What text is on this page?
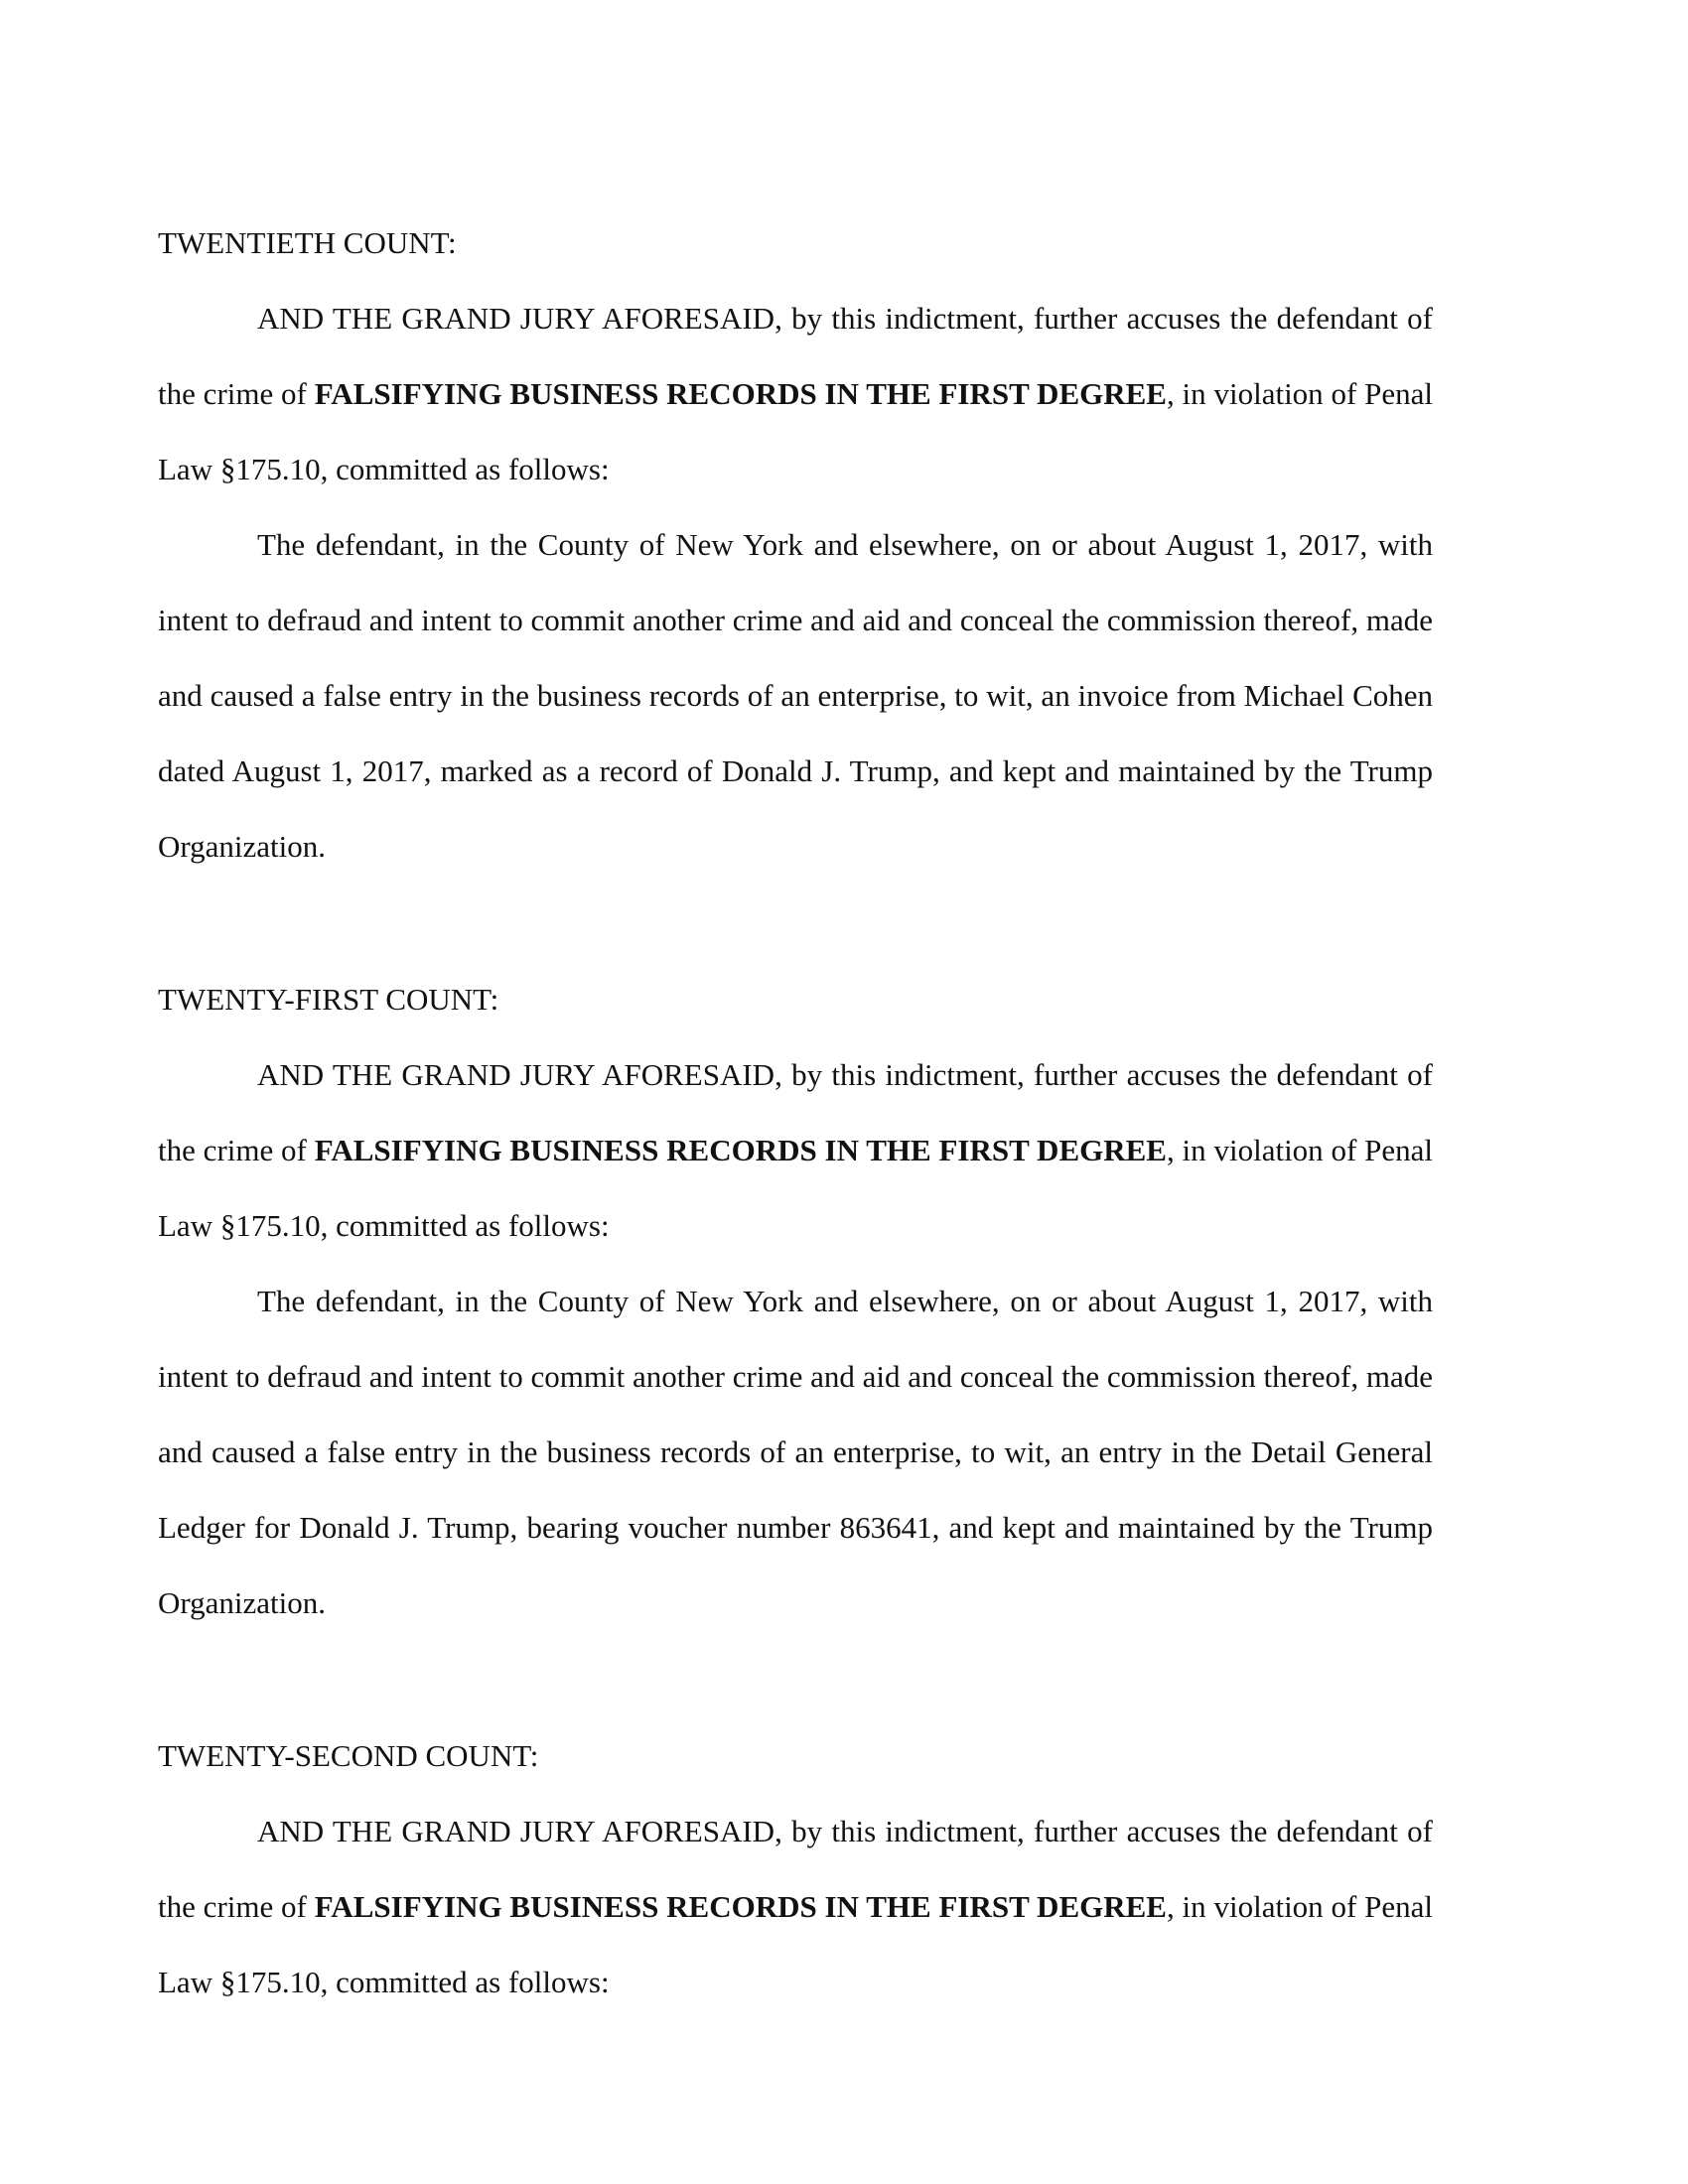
TWENTIETH COUNT:

AND THE GRAND JURY AFORESAID, by this indictment, further accuses the defendant of the crime of FALSIFYING BUSINESS RECORDS IN THE FIRST DEGREE, in violation of Penal Law §175.10, committed as follows:

The defendant, in the County of New York and elsewhere, on or about August 1, 2017, with intent to defraud and intent to commit another crime and aid and conceal the commission thereof, made and caused a false entry in the business records of an enterprise, to wit, an invoice from Michael Cohen dated August 1, 2017, marked as a record of Donald J. Trump, and kept and maintained by the Trump Organization.

TWENTY-FIRST COUNT:

AND THE GRAND JURY AFORESAID, by this indictment, further accuses the defendant of the crime of FALSIFYING BUSINESS RECORDS IN THE FIRST DEGREE, in violation of Penal Law §175.10, committed as follows:

The defendant, in the County of New York and elsewhere, on or about August 1, 2017, with intent to defraud and intent to commit another crime and aid and conceal the commission thereof, made and caused a false entry in the business records of an enterprise, to wit, an entry in the Detail General Ledger for Donald J. Trump, bearing voucher number 863641, and kept and maintained by the Trump Organization.

TWENTY-SECOND COUNT:

AND THE GRAND JURY AFORESAID, by this indictment, further accuses the defendant of the crime of FALSIFYING BUSINESS RECORDS IN THE FIRST DEGREE, in violation of Penal Law §175.10, committed as follows:
